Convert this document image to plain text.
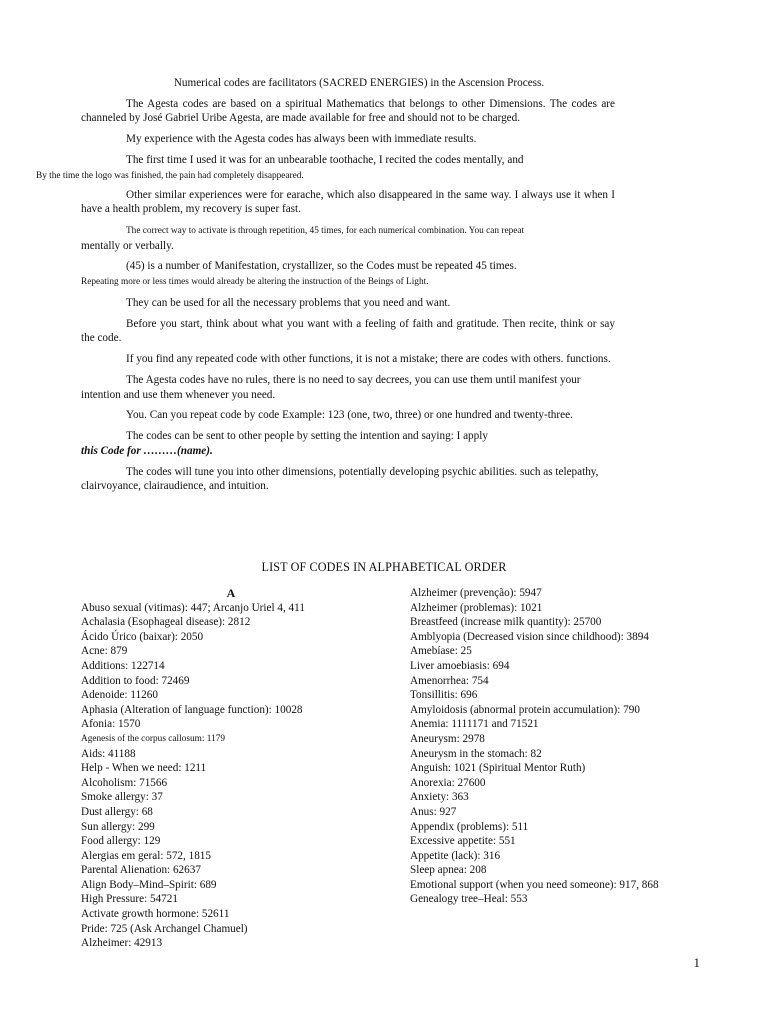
Numerical codes are facilitators (SACRED ENERGIES) in the Ascension Process.

The Agesta codes are based on a spiritual Mathematics that belongs to other Dimensions. The codes are channeled by José Gabriel Uribe Agesta, are made available for free and should not to be charged.

My experience with the Agesta codes has always been with immediate results.

The first time I used it was for an unbearable toothache, I recited the codes mentally, and
By the time the logo was finished, the pain had completely disappeared.

Other similar experiences were for earache, which also disappeared in the same way. I always use it when I have a health problem, my recovery is super fast.

The correct way to activate is through repetition, 45 times, for each numerical combination. You can repeat
mentally or verbally.

(45) is a number of Manifestation, crystallizer, so the Codes must be repeated 45 times.
Repeating more or less times would already be altering the instruction of the Beings of Light.

They can be used for all the necessary problems that you need and want.

Before you start, think about what you want with a feeling of faith and gratitude. Then recite, think or say the code.

If you find any repeated code with other functions, it is not a mistake; there are codes with others. functions.

The Agesta codes have no rules, there is no need to say decrees, you can use them until manifest your intention and use them whenever you need.

You. Can you repeat code by code Example: 123 (one, two, three) or one hundred and twenty-three.

The codes can be sent to other people by setting the intention and saying: I apply
this Code for ………(name).

The codes will tune you into other dimensions, potentially developing psychic abilities. such as telepathy, clairvoyance, clairaudience, and intuition.

LIST OF CODES IN ALPHABETICAL ORDER
A
Abuso sexual (vitimas): 447; Arcanjo Uriel 4, 411
Achalasia (Esophageal disease): 2812
Ácido Úrico (baixar): 2050
Acne: 879
Additions: 122714
Addition to food: 72469
Adenoide: 11260
Aphasia (Alteration of language function): 10028
Afonia: 1570
Agenesis of the corpus callosum: 1179
Aids: 41188
Help - When we need: 1211
Alcoholism: 71566
Smoke allergy: 37
Dust allergy: 68
Sun allergy: 299
Food allergy: 129
Alergias em geral: 572, 1815
Parental Alienation: 62637
Align Body–Mind–Spirit: 689
High Pressure: 54721
Activate growth hormone: 52611
Pride: 725 (Ask Archangel Chamuel)
Alzheimer: 42913
Alzheimer (prevenção): 5947
Alzheimer (problemas): 1021
Breastfeed (increase milk quantity): 25700
Amblyopia (Decreased vision since childhood): 3894
Amebíase: 25
Liver amoebiasis: 694
Amenorrhea: 754
Tonsillitis: 696
Amyloidosis (abnormal protein accumulation): 790
Anemia: 1111171 and 71521
Aneurysm: 2978
Aneurysm in the stomach: 82
Anguish: 1021 (Spiritual Mentor Ruth)
Anorexia: 27600
Anxiety: 363
Anus: 927
Appendix (problems): 511
Excessive appetite: 551
Appetite (lack): 316
Sleep apnea: 208
Emotional support (when you need someone): 917, 868
Genealogy tree–Heal: 553
1
